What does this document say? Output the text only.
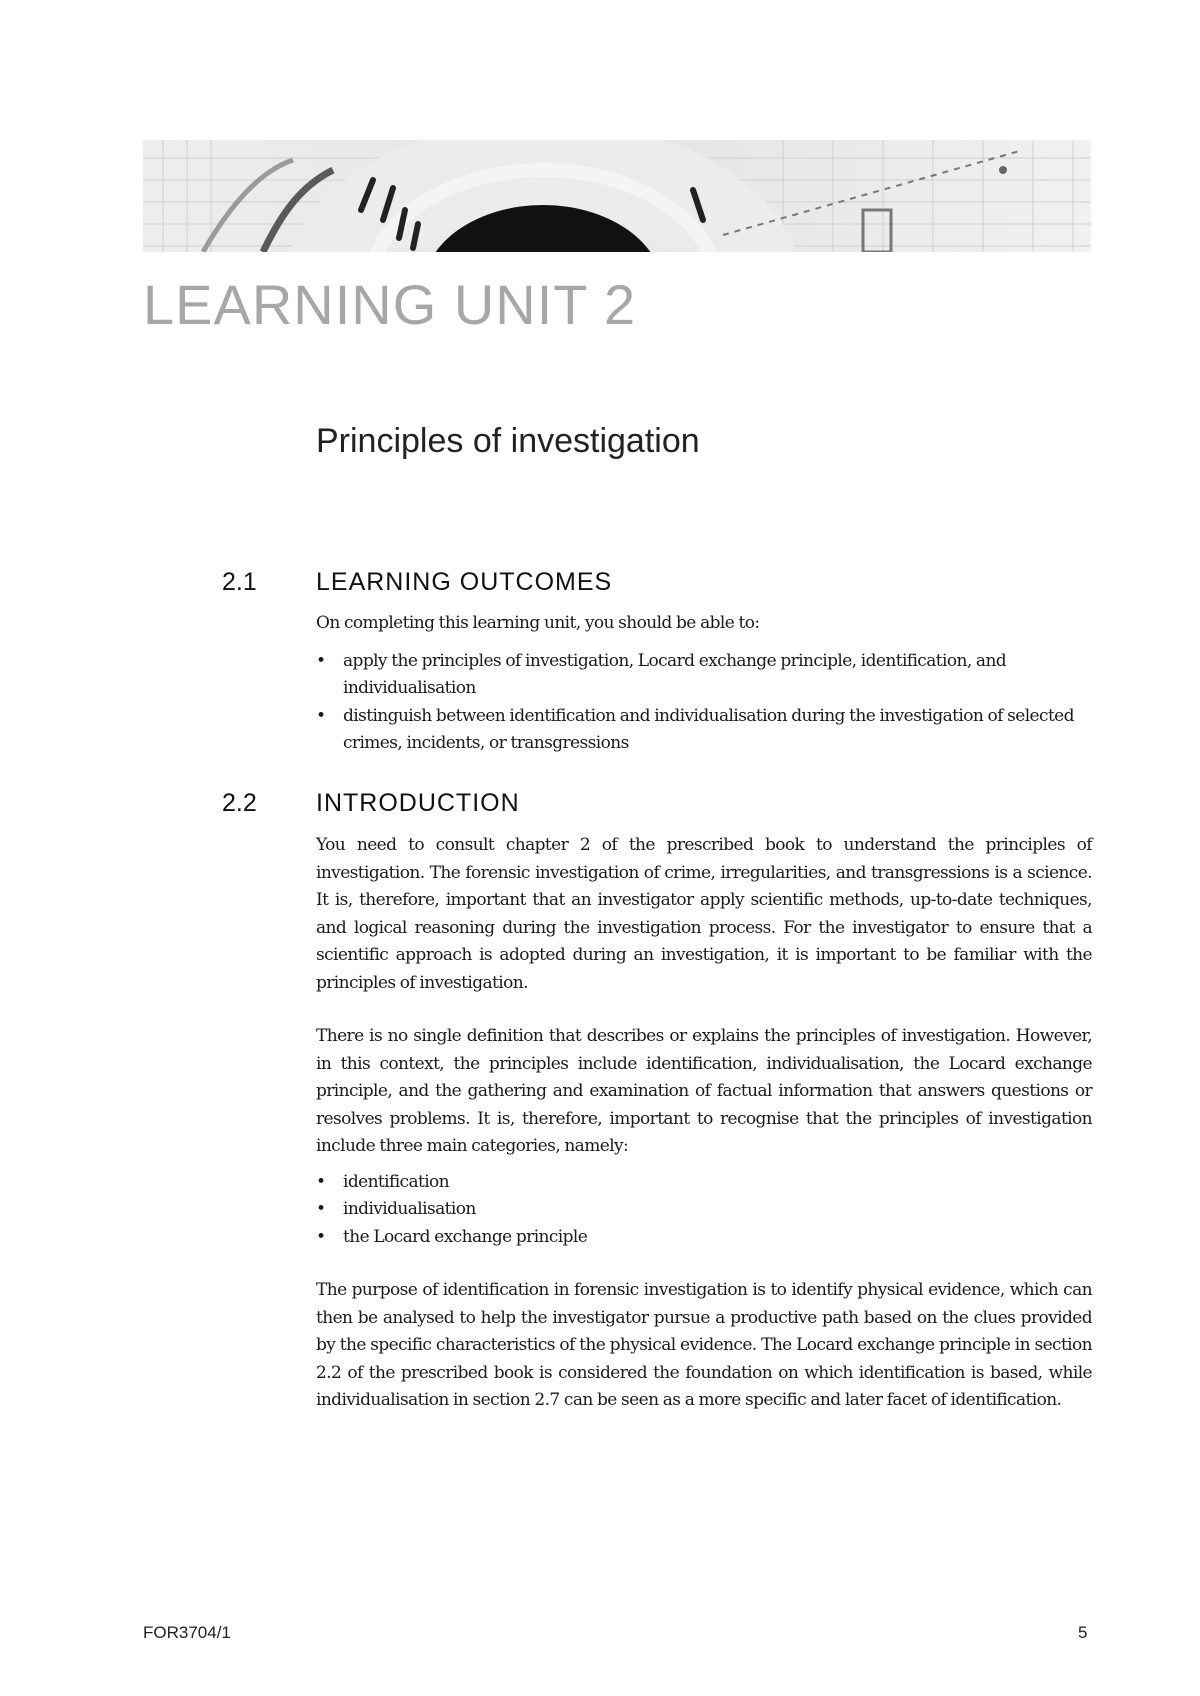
LEARNING UNIT 2
Principles of investigation
2.1 LEARNING OUTCOMES

On completing this learning unit, you should be able to:

• apply the principles of investigation, Locard exchange principle, identification, and individualisation
• distinguish between identification and individualisation during the investigation of selected crimes, incidents, or transgressions
2.2 INTRODUCTION

You need to consult chapter 2 of the prescribed book to understand the principles of investigation. The forensic investigation of crime, irregularities, and transgressions is a science. It is, therefore, important that an investigator apply scientific methods, up-to-date techniques, and logical reasoning during the investigation process. For the investigator to ensure that a scientific approach is adopted during an investigation, it is important to be familiar with the principles of investigation.

There is no single definition that describes or explains the principles of investigation. However, in this context, the principles include identification, individualisation, the Locard exchange principle, and the gathering and examination of factual information that answers questions or resolves problems. It is, therefore, important to recognise that the principles of investigation include three main categories, namely:

• identification
• individualisation
• the Locard exchange principle

The purpose of identification in forensic investigation is to identify physical evidence, which can then be analysed to help the investigator pursue a productive path based on the clues provided by the specific characteristics of the physical evidence. The Locard exchange principle in section 2.2 of the prescribed book is considered the foundation on which identification is based, while individualisation in section 2.7 can be seen as a more specific and later facet of identification.

FOR3704/1	5
